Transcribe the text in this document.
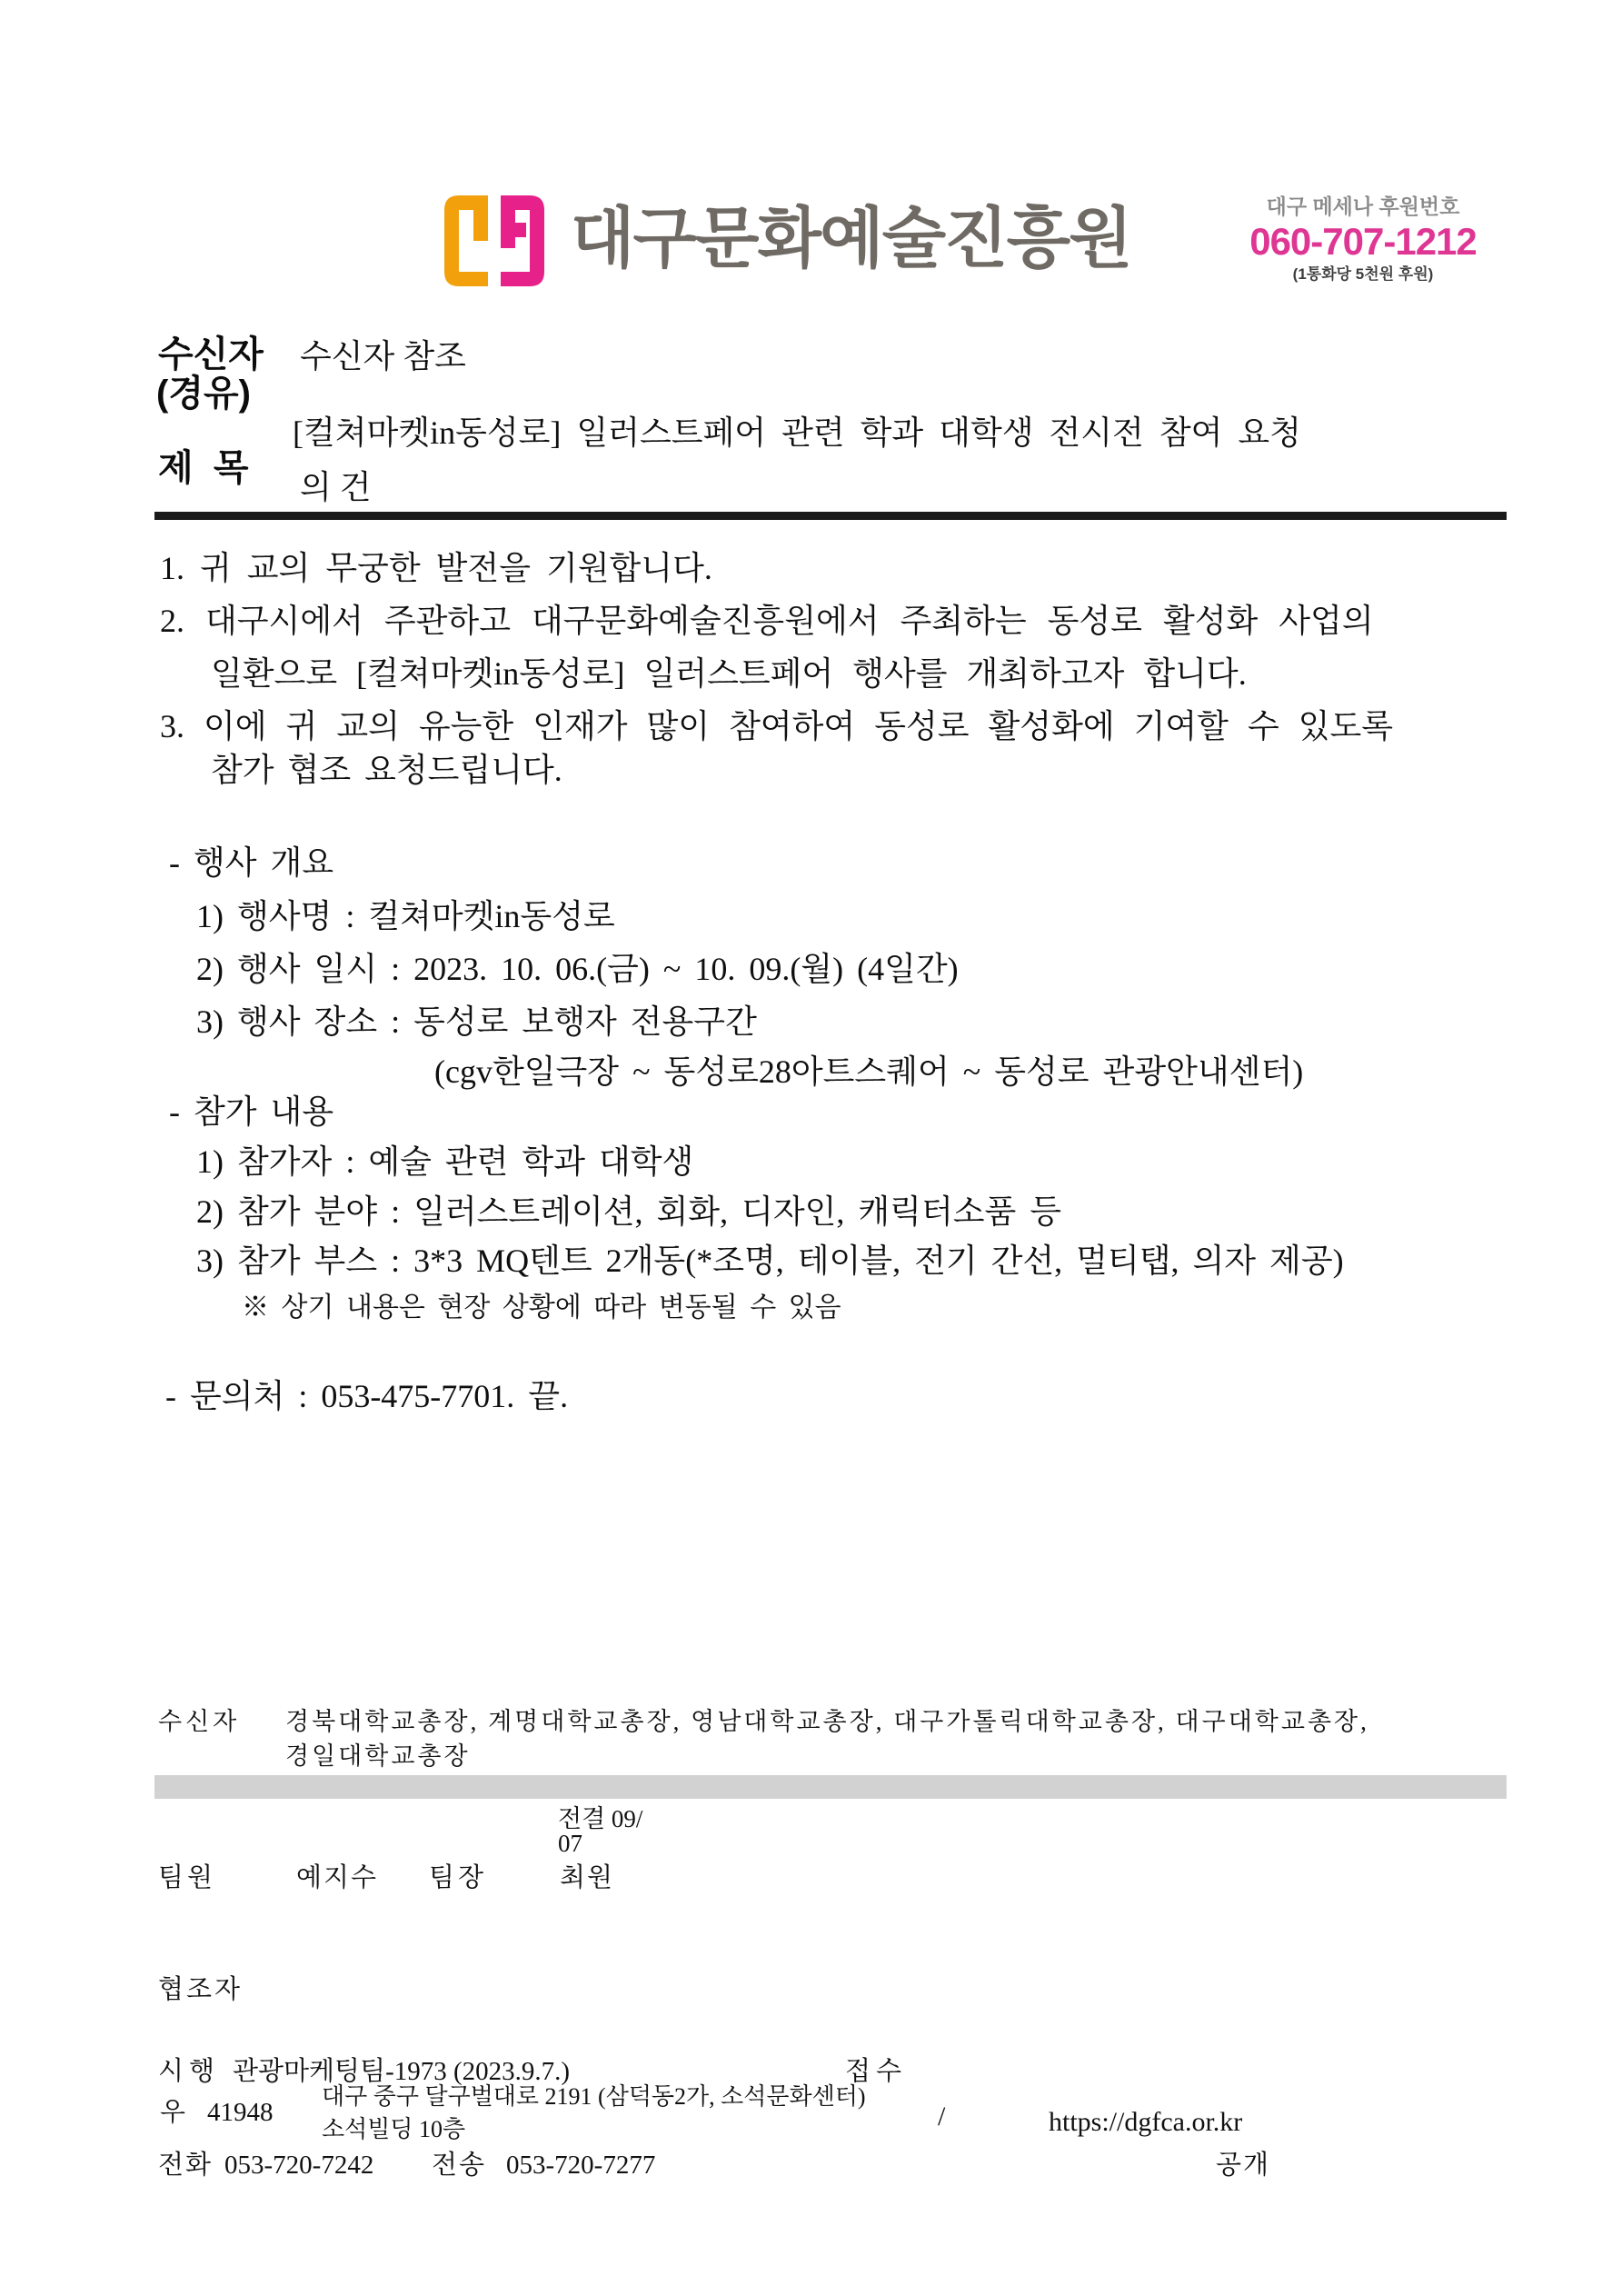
대구문화예술진흥원	대구 메세나 후원번호
060-707-1212
(1통화당 5천원 후원)
수신자 수신자 참조
(경유)
[컬쳐마켓in동성로] 일러스트페어 관련 학과 대학생 전시전 참여 요청
제  목 의 건
1. 귀 교의 무궁한 발전을 기원합니다.
2. 대구시에서 주관하고 대구문화예술진흥원에서 주최하는 동성로 활성화 사업의
일환으로 [컬쳐마켓in동성로] 일러스트페어 행사를 개최하고자 합니다.
3. 이에 귀 교의 유능한 인재가 많이 참여하여 동성로 활성화에 기여할 수 있도록
참가 협조 요청드립니다.
- 행사 개요
1) 행사명 : 컬쳐마켓in동성로
2) 행사 일시 : 2023. 10. 06.(금) ~ 10. 09.(월) (4일간)
3) 행사 장소 : 동성로 보행자 전용구간
(cgv한일극장 ~ 동성로28아트스퀘어 ~ 동성로 관광안내센터)
- 참가 내용
1) 참가자 : 예술 관련 학과 대학생
2) 참가 분야 : 일러스트레이션, 회화, 디자인, 캐릭터소품 등
3) 참가 부스 : 3*3 MQ텐트 2개동(*조명, 테이블, 전기 간선, 멀티탭, 의자 제공)
※ 상기 내용은 현장 상황에 따라 변동될 수 있음
- 문의처 : 053-475-7701. 끝.
수신자 경북대학교총장, 계명대학교총장, 영남대학교총장, 대구가톨릭대학교총장, 대구대학교총장,
경일대학교총장
전결 09/
07
팀원	예지수 팀장	최원
협조자
시행 관광마케팅팀-1973 (2023.9.7.)	접수
우 41948
대구 중구 달구벌대로 2191 (삼덕동2가, 소석문화센터)
소석빌딩 10층	/	https://dgfca.or.kr
전화 053-720-7242 전송 053-720-7277	공개
